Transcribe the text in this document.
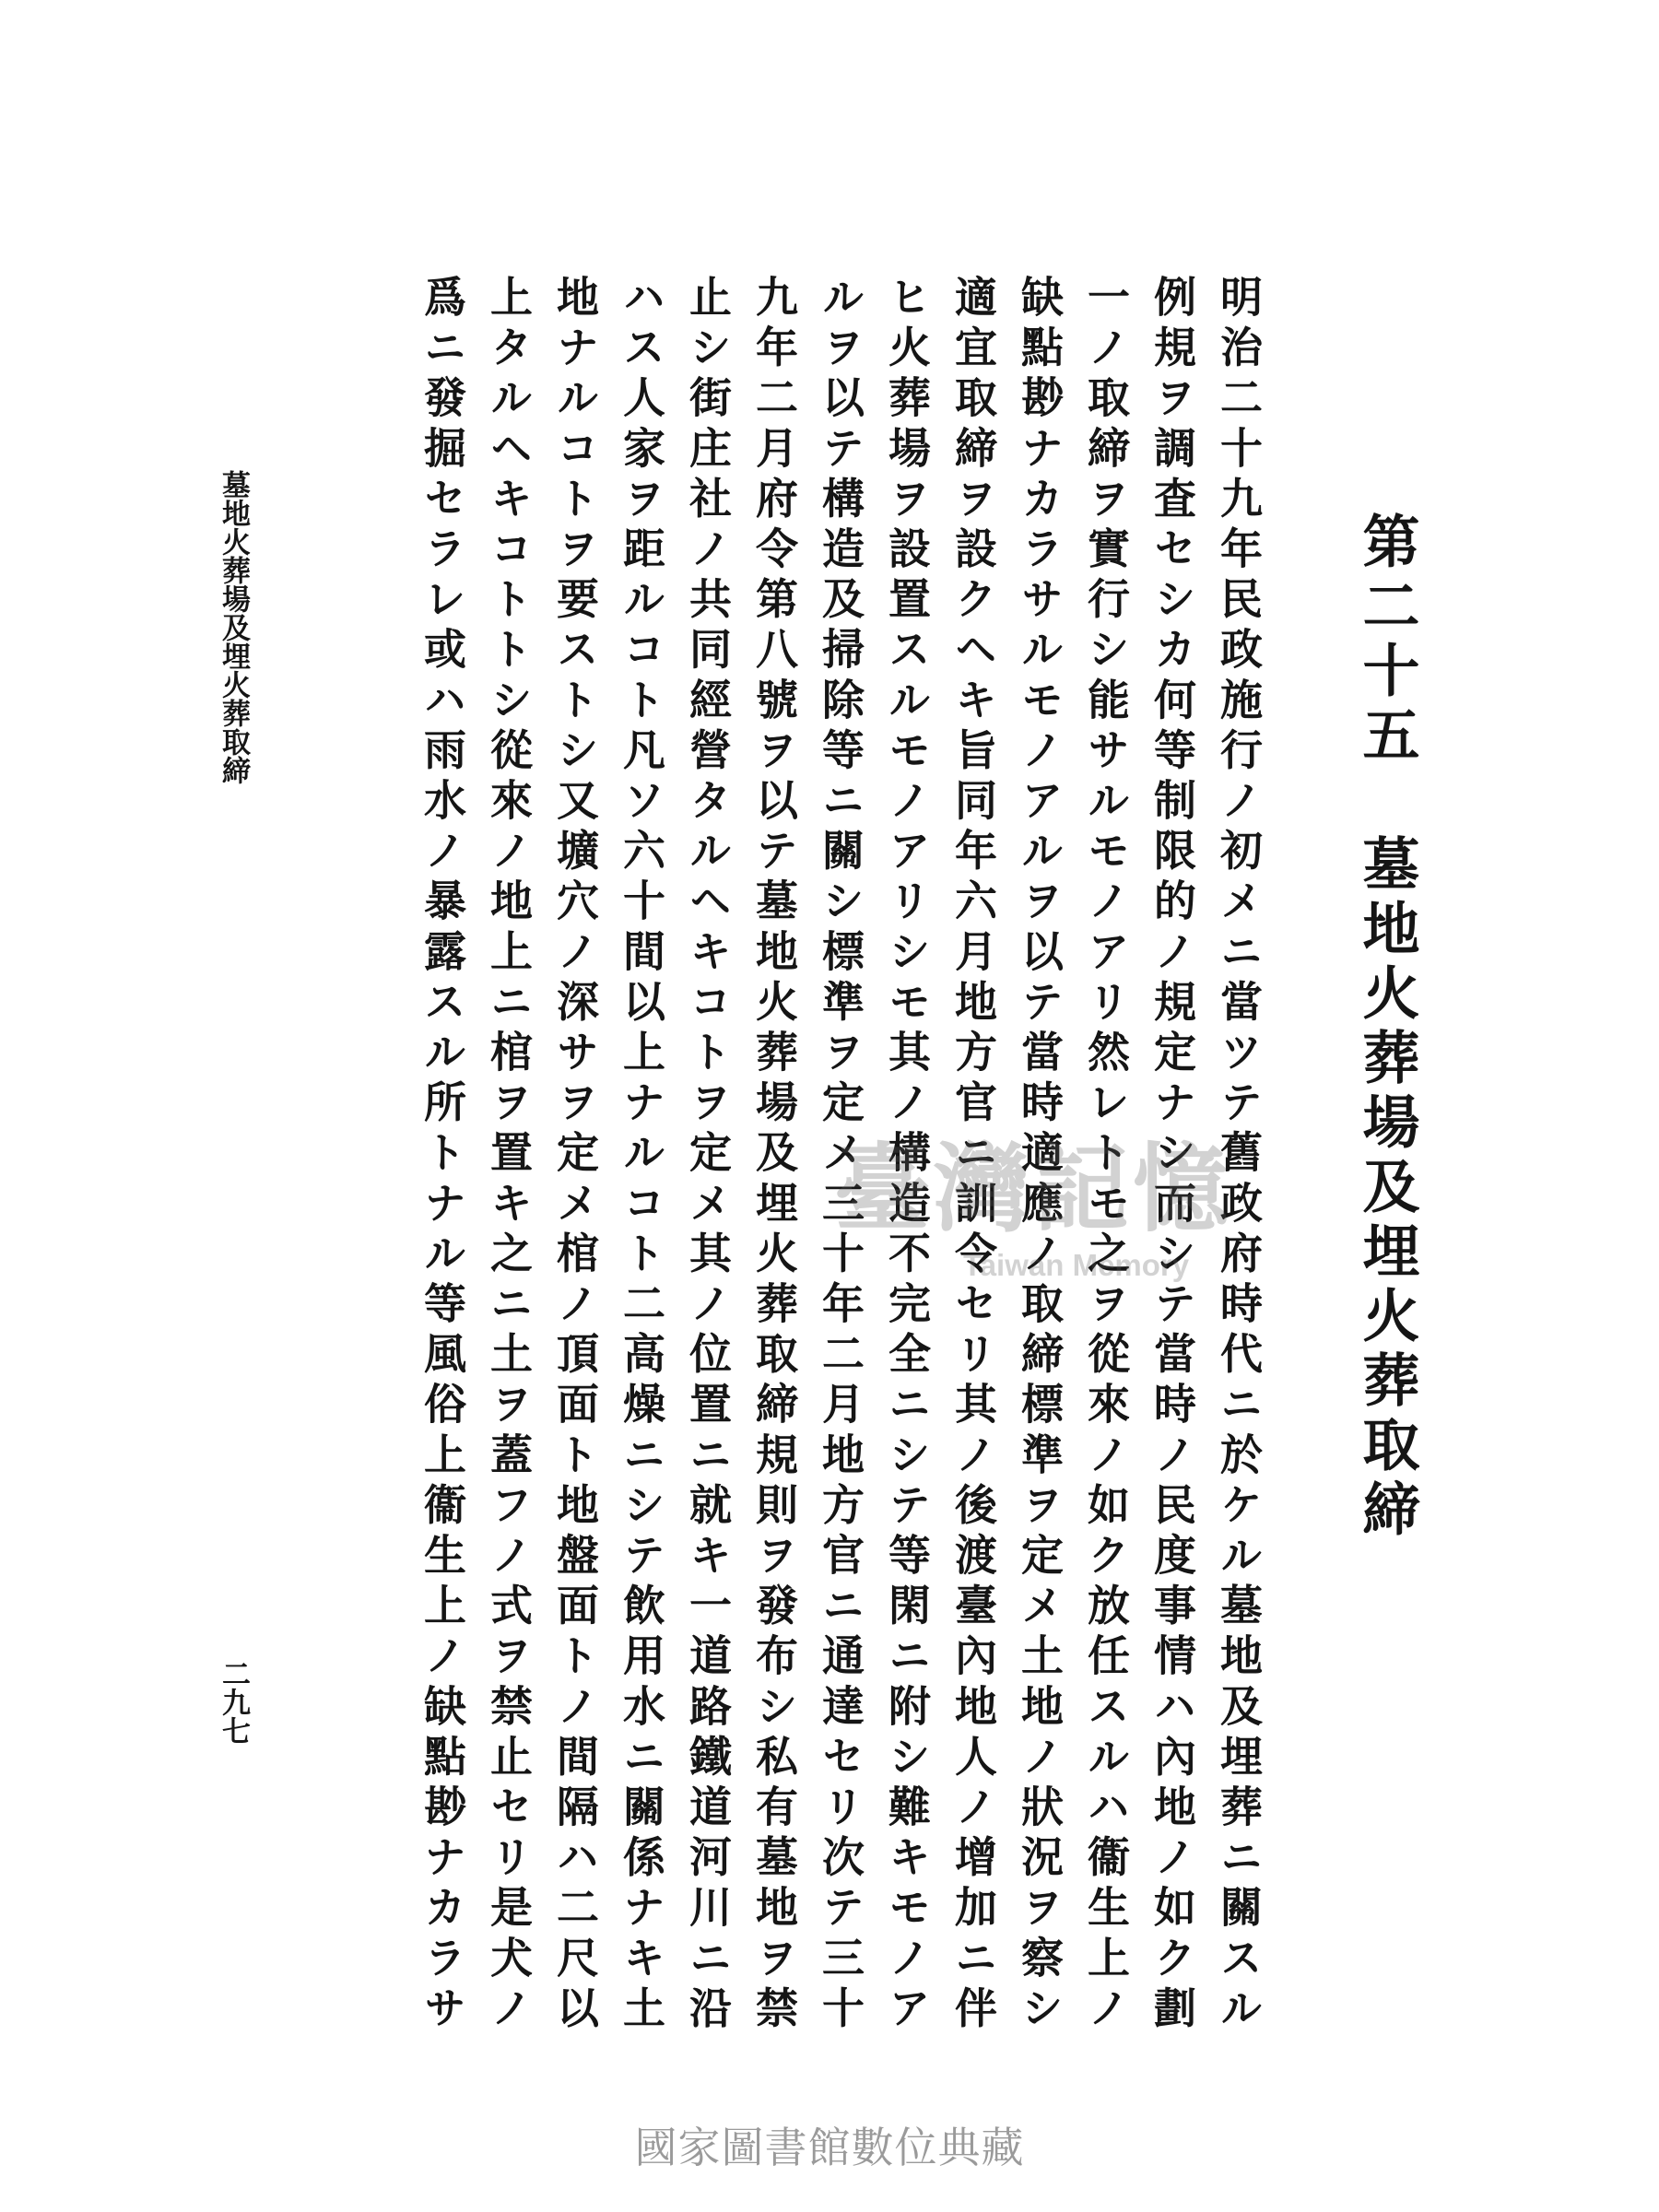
第二十五　墓地火葬場及埋火葬取締
明治二十九年民政施行ノ初メニ當ツテ舊政府時代ニ於ケル墓地及埋葬ニ關スル
例規ヲ調査セシカ何等制限的ノ規定ナシ而シテ當時ノ民度事情ハ內地ノ如ク劃
一ノ取締ヲ實行シ能サルモノアリ然レトモ之ヲ從來ノ如ク放任スルハ衞生上ノ
缺點尠ナカラサルモノアルヲ以テ當時適應ノ取締標準ヲ定メ土地ノ狀況ヲ察シ
適宜取締ヲ設クヘキ旨同年六月地方官ニ訓令セリ其ノ後渡臺內地人ノ增加ニ伴
ヒ火葬場ヲ設置スルモノアリシモ其ノ構造不完全ニシテ等閑ニ附シ難キモノア
ルヲ以テ構造及掃除等ニ關シ標準ヲ定メ三十年二月地方官ニ通達セリ次テ三十
九年二月府令第八號ヲ以テ墓地火葬場及埋火葬取締規則ヲ發布シ私有墓地ヲ禁
止シ街庄社ノ共同經營タルヘキコトヲ定メ其ノ位置ニ就キ一道路鐵道河川ニ沿
ハス人家ヲ距ルコト凡ソ六十間以上ナルコト二高燥ニシテ飲用水ニ關係ナキ土
地ナルコトヲ要ストシ又壙穴ノ深サヲ定メ棺ノ頂面ト地盤面トノ間隔ハ二尺以
上タルヘキコトトシ從來ノ地上ニ棺ヲ置キ之ニ土ヲ蓋フノ式ヲ禁止セリ是犬ノ
爲ニ發掘セラレ或ハ雨水ノ暴露スル所トナル等風俗上衞生上ノ缺點尠ナカラサ
墓地火葬場及埋火葬取締
二九七
臺灣記憶
Taiwan Memory
國家圖書館數位典藏
